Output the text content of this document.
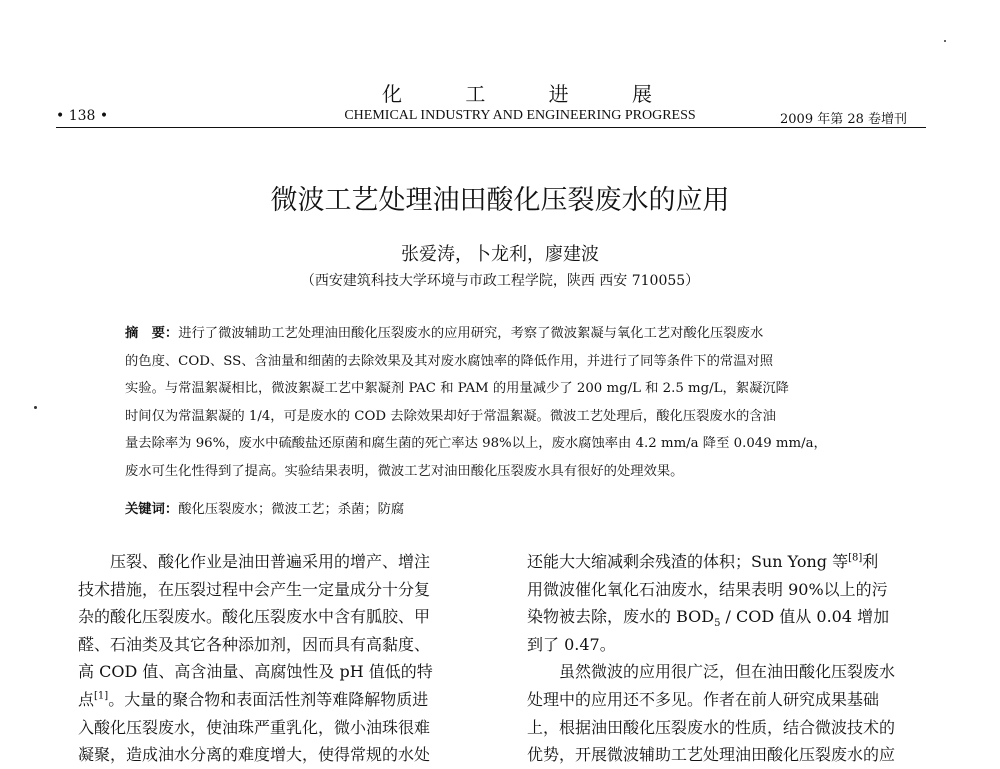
化	工	进	展
• 138 •	CHEMICAL INDUSTRY AND ENGINEERING PROGRESS	2009 年第 28 卷增刊
微波工艺处理油田酸化压裂废水的应用
张爱涛，卜龙利，廖建波
（西安建筑科技大学环境与市政工程学院，陕西 西安 710055）
摘　要：进行了微波辅助工艺处理油田酸化压裂废水的应用研究，考察了微波絮凝与氧化工艺对酸化压裂废水
的色度、COD、SS、含油量和细菌的去除效果及其对废水腐蚀率的降低作用，并进行了同等条件下的常温对照
实验。与常温絮凝相比，微波絮凝工艺中絮凝剂 PAC 和 PAM 的用量减少了 200 mg/L 和 2.5 mg/L，絮凝沉降
时间仅为常温絮凝的 1/4，可是废水的 COD 去除效果却好于常温絮凝。微波工艺处理后，酸化压裂废水的含油
量去除率为 96%，废水中硫酸盐还原菌和腐生菌的死亡率达 98%以上，废水腐蚀率由 4.2 mm/a 降至 0.049 mm/a，
废水可生化性得到了提高。实验结果表明，微波工艺对油田酸化压裂废水具有很好的处理效果。
关键词：酸化压裂废水；微波工艺；杀菌；防腐
压裂、酸化作业是油田普遍采用的增产、增注
技术措施，在压裂过程中会产生一定量成分十分复
杂的酸化压裂废水。酸化压裂废水中含有胍胶、甲
醛、石油类及其它各种添加剂，因而具有高黏度、
高 COD 值、高含油量、高腐蚀性及 pH 值低的特
点[1]。大量的聚合物和表面活性剂等难降解物质进
入酸化压裂废水，使油珠严重乳化，微小油珠很难
凝聚，造成油水分离的难度增大，使得常规的水处
还能大大缩减剩余残渣的体积；Sun Yong 等[8]利
用微波催化氧化石油废水，结果表明 90%以上的污
染物被去除，废水的 $BOD_5$ / COD 值从 0.04 增加
到了 0.47。
虽然微波的应用很广泛，但在油田酸化压裂废水
处理中的应用还不多见。作者在前人研究成果基础
上，根据油田酸化压裂废水的性质，结合微波技术的
优势，开展微波辅助工艺处理油田酸化压裂废水的应
